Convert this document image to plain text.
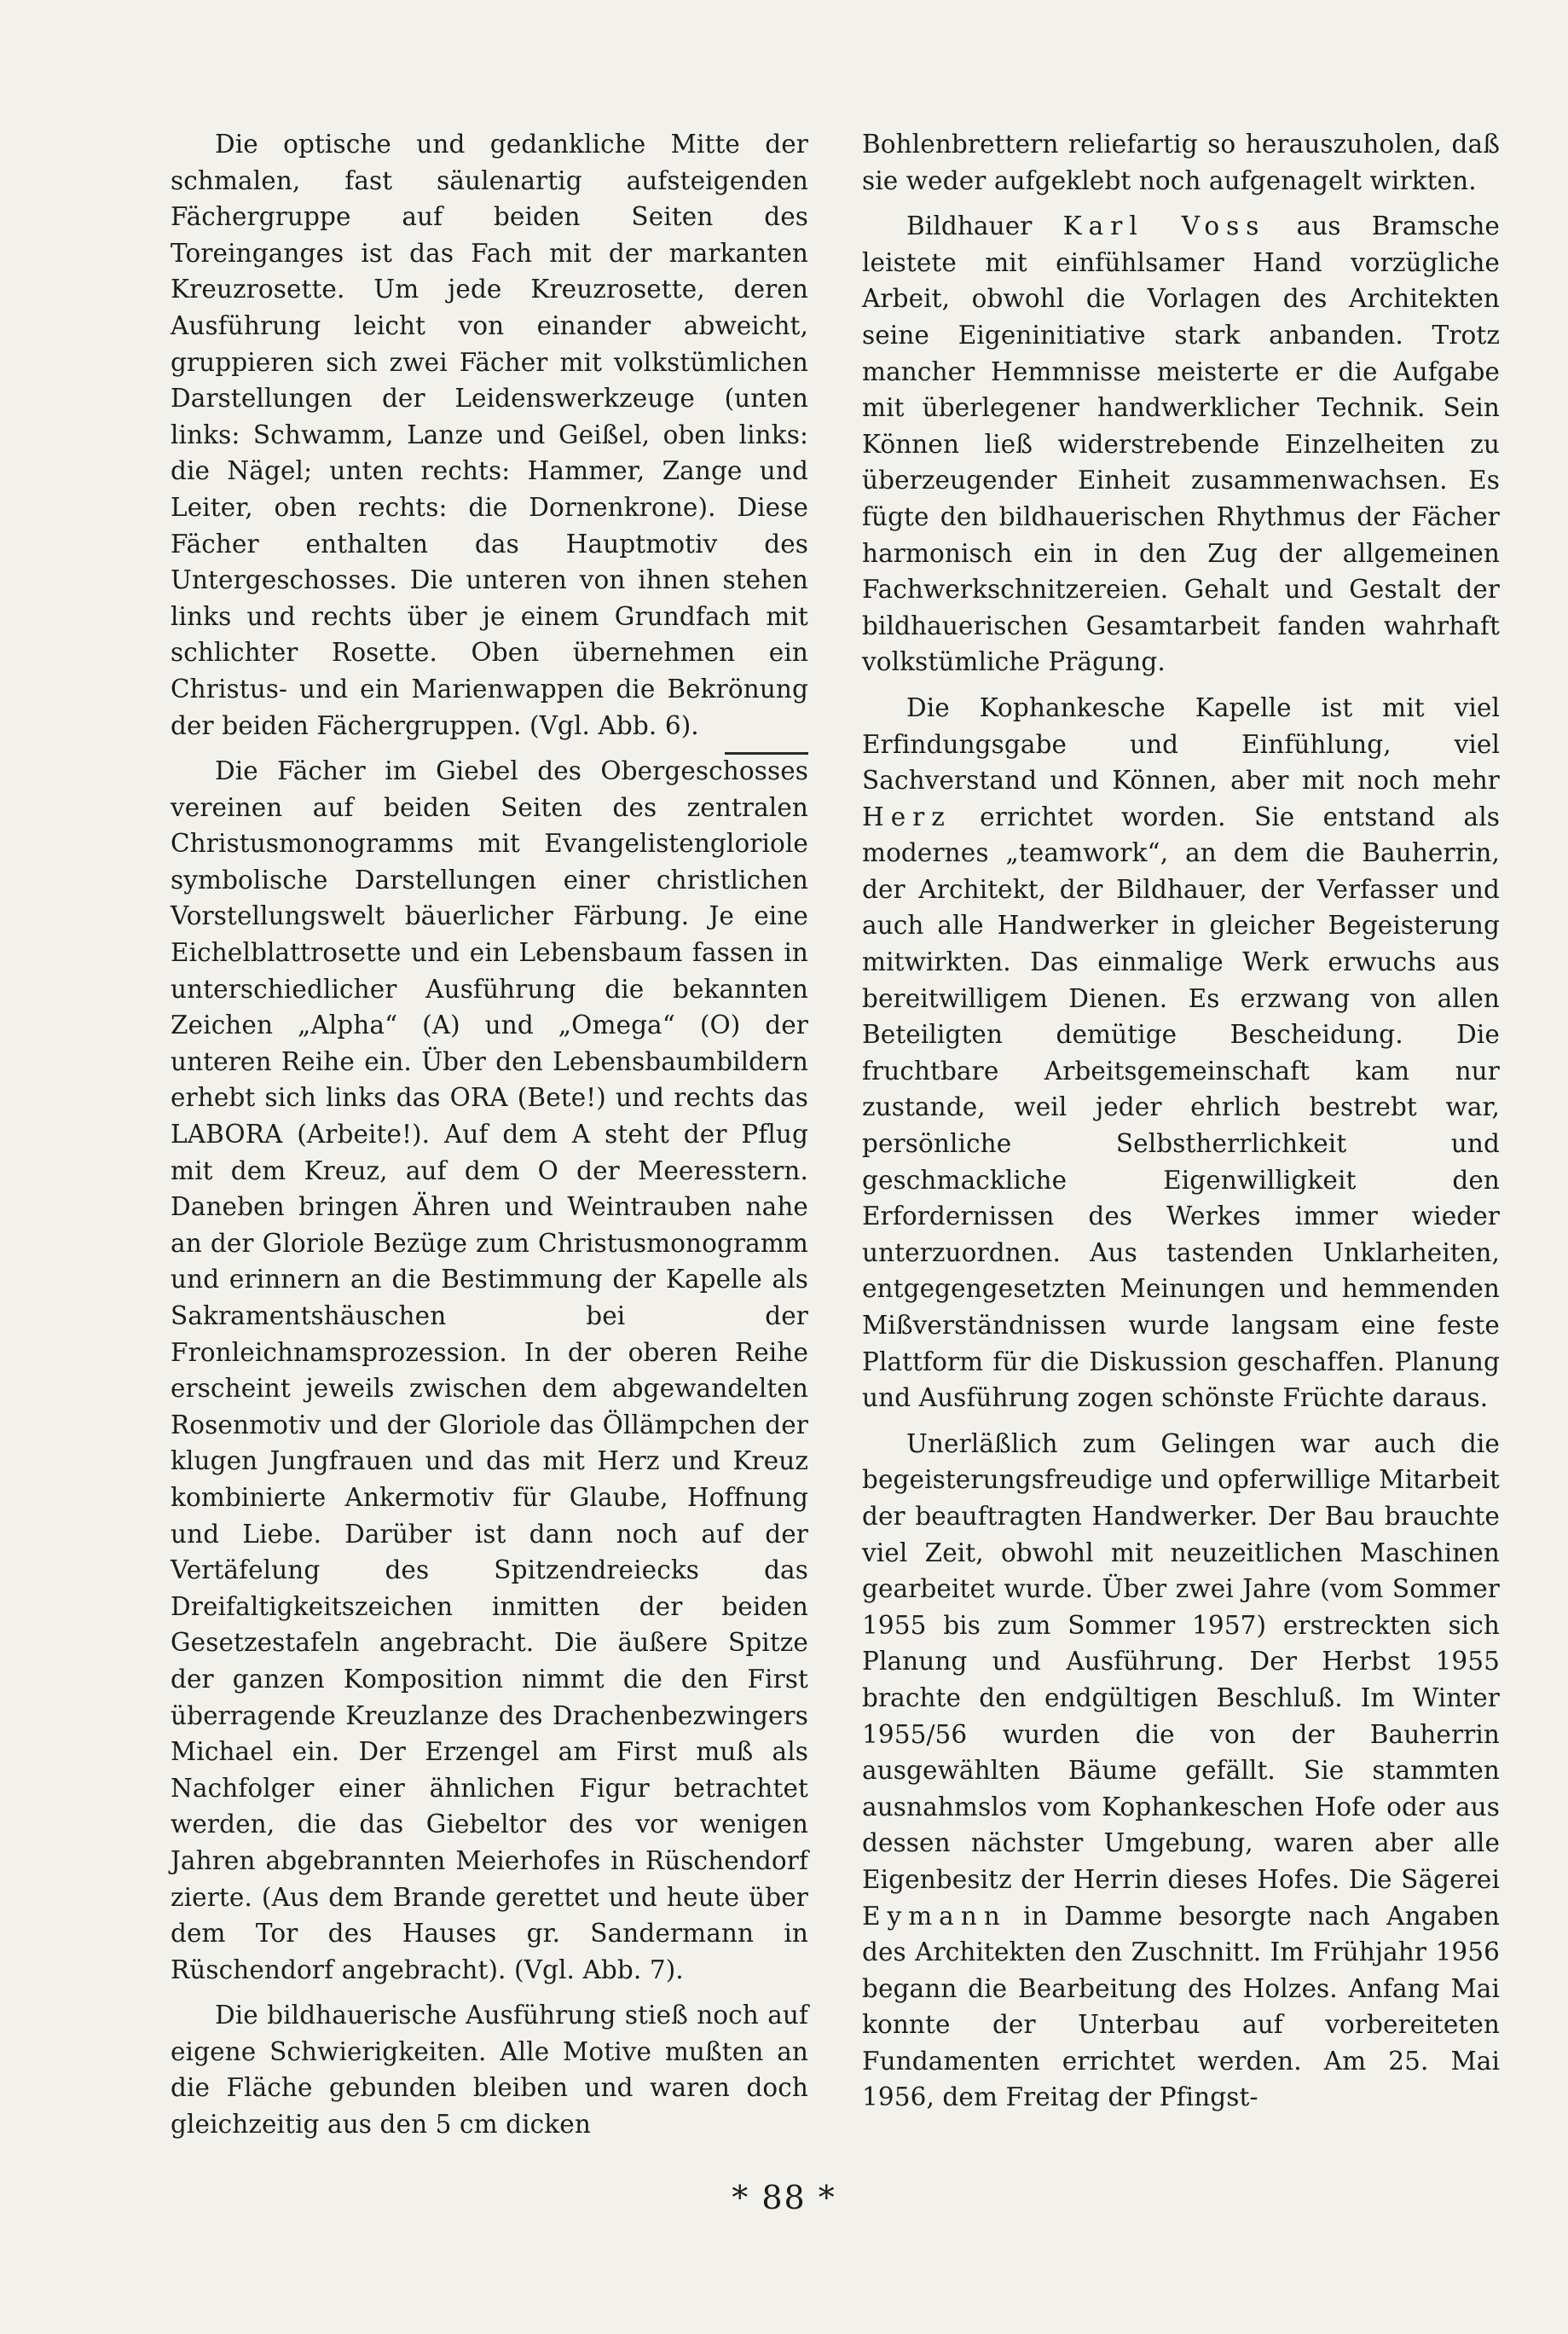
Die optische und gedankliche Mitte der schmalen, fast säulenartig aufsteigenden Fächergruppe auf beiden Seiten des Toreinganges ist das Fach mit der markanten Kreuzrosette. Um jede Kreuzrosette, deren Ausführung leicht von einander abweicht, gruppieren sich zwei Fächer mit volkstümlichen Darstellungen der Leidenswerkzeuge (unten links: Schwamm, Lanze und Geißel, oben links: die Nägel; unten rechts: Hammer, Zange und Leiter, oben rechts: die Dornenkrone). Diese Fächer enthalten das Hauptmotiv des Untergeschosses. Die unteren von ihnen stehen links und rechts über je einem Grundfach mit schlichter Rosette. Oben übernehmen ein Christus- und ein Marienwappen die Bekrönung der beiden Fächergruppen. (Vgl. Abb. 6).

Die Fächer im Giebel des Obergeschosses vereinen auf beiden Seiten des zentralen Christusmonogramms mit Evangelistengloriole symbolische Darstellungen einer christlichen Vorstellungswelt bäuerlicher Färbung. Je eine Eichelblattrosette und ein Lebensbaum fassen in unterschiedlicher Ausführung die bekannten Zeichen „Alpha“ (A) und „Omega“ (O) der unteren Reihe ein. Über den Lebensbaumbildern erhebt sich links das ORA (Bete!) und rechts das LABORA (Arbeite!). Auf dem A steht der Pflug mit dem Kreuz, auf dem O der Meeresstern. Daneben bringen Ähren und Weintrauben nahe an der Gloriole Bezüge zum Christusmonogramm und erinnern an die Bestimmung der Kapelle als Sakramentshäuschen bei der Fronleichnamsprozession. In der oberen Reihe erscheint jeweils zwischen dem abgewandelten Rosenmotiv und der Gloriole das Öllämpchen der klugen Jungfrauen und das mit Herz und Kreuz kombinierte Ankermotiv für Glaube, Hoffnung und Liebe. Darüber ist dann noch auf der Vertäfelung des Spitzendreiecks das Dreifaltigkeitszeichen inmitten der beiden Gesetzestafeln angebracht. Die äußere Spitze der ganzen Komposition nimmt die den First überragende Kreuzlanze des Drachenbezwingers Michael ein. Der Erzengel am First muß als Nachfolger einer ähnlichen Figur betrachtet werden, die das Giebeltor des vor wenigen Jahren abgebrannten Meierhofes in Rüschendorf zierte. (Aus dem Brande gerettet und heute über dem Tor des Hauses gr. Sandermann in Rüschendorf angebracht). (Vgl. Abb. 7).

Die bildhauerische Ausführung stieß noch auf eigene Schwierigkeiten. Alle Motive mußten an die Fläche gebunden bleiben und waren doch gleichzeitig aus den 5 cm dicken

Bohlenbrettern reliefartig so herauszuholen, daß sie weder aufgeklebt noch aufgenagelt wirkten.

Bildhauer Karl Voss aus Bramsche leistete mit einfühlsamer Hand vorzügliche Arbeit, obwohl die Vorlagen des Architekten seine Eigeninitiative stark anbanden. Trotz mancher Hemmnisse meisterte er die Aufgabe mit überlegener handwerklicher Technik. Sein Können ließ widerstrebende Einzelheiten zu überzeugender Einheit zusammenwachsen. Es fügte den bildhauerischen Rhythmus der Fächer harmonisch ein in den Zug der allgemeinen Fachwerkschnitzereien. Gehalt und Gestalt der bildhauerischen Gesamtarbeit fanden wahrhaft volkstümliche Prägung.

Die Kophankesche Kapelle ist mit viel Erfindungsgabe und Einfühlung, viel Sachverstand und Können, aber mit noch mehr Herz errichtet worden. Sie entstand als modernes „teamwork“, an dem die Bauherrin, der Architekt, der Bildhauer, der Verfasser und auch alle Handwerker in gleicher Begeisterung mitwirkten. Das einmalige Werk erwuchs aus bereitwilligem Dienen. Es erzwang von allen Beteiligten demütige Bescheidung. Die fruchtbare Arbeitsgemeinschaft kam nur zustande, weil jeder ehrlich bestrebt war, persönliche Selbstherrlichkeit und geschmackliche Eigenwilligkeit den Erfordernissen des Werkes immer wieder unterzuordnen. Aus tastenden Unklarheiten, entgegengesetzten Meinungen und hemmenden Mißverständnissen wurde langsam eine feste Plattform für die Diskussion geschaffen. Planung und Ausführung zogen schönste Früchte daraus.

Unerläßlich zum Gelingen war auch die begeisterungsfreudige und opferwillige Mitarbeit der beauftragten Handwerker. Der Bau brauchte viel Zeit, obwohl mit neuzeitlichen Maschinen gearbeitet wurde. Über zwei Jahre (vom Sommer 1955 bis zum Sommer 1957) erstreckten sich Planung und Ausführung. Der Herbst 1955 brachte den endgültigen Beschluß. Im Winter 1955/56 wurden die von der Bauherrin ausgewählten Bäume gefällt. Sie stammten ausnahmslos vom Kophankeschen Hofe oder aus dessen nächster Umgebung, waren aber alle Eigenbesitz der Herrin dieses Hofes. Die Sägerei Eymann in Damme besorgte nach Angaben des Architekten den Zuschnitt. Im Frühjahr 1956 begann die Bearbeitung des Holzes. Anfang Mai konnte der Unterbau auf vorbereiteten Fundamenten errichtet werden. Am 25. Mai 1956, dem Freitag der Pfingst-

* 88 *
